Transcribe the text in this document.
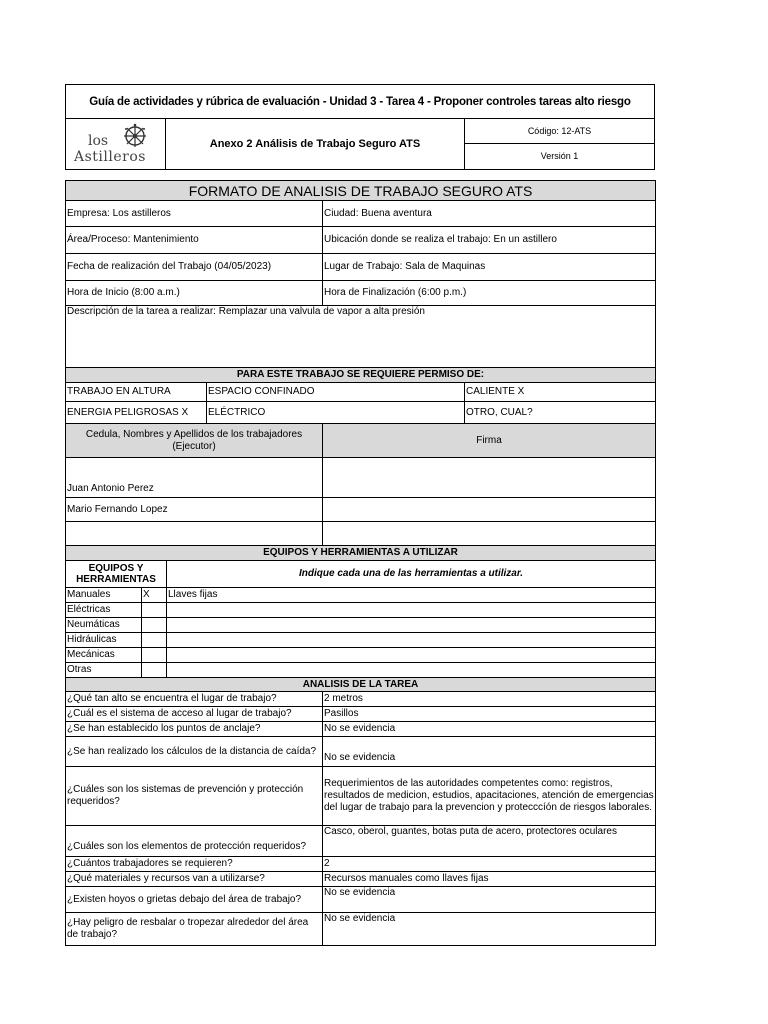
Guía de actividades y rúbrica de evaluación - Unidad 3 - Tarea 4 - Proponer controles tareas alto riesgo
los
Astilleros
Anexo 2 Análisis de Trabajo Seguro ATS
Código: 12-ATS
Versión 1
FORMATO DE ANALISIS DE TRABAJO SEGURO ATS					
Empresa: Los astilleros				Ciudad: Buena aventura	
Área/Proceso: Mantenimiento				Ubicación donde se realiza el trabajo: En un astillero	
Fecha de realización del Trabajo (04/05/2023)				Lugar de Trabajo: Sala de Maquinas	
Hora de Inicio (8:00 a.m.)				Hora de Finalización (6:00 p.m.)	
Descripción de la tarea a realizar: Remplazar una valvula de vapor a alta presión					
PARA ESTE TRABAJO SE REQUIERE PERMISO DE:					
TRABAJO EN ALTURA			ESPACIO CONFINADO		CALIENTE X
ENERGIA PELIGROSAS X			ELÉCTRICO		OTRO, CUAL?
Cedula, Nombres y Apellidos de los trabajadores (Ejecutor)				Firma	
Juan Antonio Perez					
Mario Fernando Lopez					

EQUIPOS Y HERRAMIENTAS A UTILIZAR					
EQUIPOS Y HERRAMIENTAS		Indique cada una de las herramientas a utilizar.			
Manuales	X	Llaves fijas			
Eléctricas					
Neumáticas					
Hidráulicas					
Mecánicas					
Otras					
ANALISIS DE LA TAREA					
¿Qué tan alto se encuentra el lugar de trabajo?				2 metros	
¿Cuál es el sistema de acceso al lugar de trabajo?				Pasillos	
¿Se han establecido los puntos de anclaje?				No se evidencia	
¿Se han realizado los cálculos de la distancia de caída?				No se evidencia	
¿Cuáles son los sistemas de prevención y protección requeridos?				Requerimientos de las autoridades competentes como: registros, resultados de medicion, estudios, apacitaciones, atención de emergencias del lugar de trabajo para la prevencion y protecccíón de riesgos laborales.	
¿Cuáles son los elementos de protección requeridos?				Casco, oberol, guantes, botas puta de acero, protectores oculares	
¿Cuántos trabajadores se requieren?				2	
¿Qué materiales y recursos van a utilizarse?				Recursos manuales como llaves fijas	
¿Existen hoyos o grietas debajo del área de trabajo?				No se evidencia	
¿Hay peligro de resbalar o tropezar alrededor del área de trabajo?				No se evidencia	
